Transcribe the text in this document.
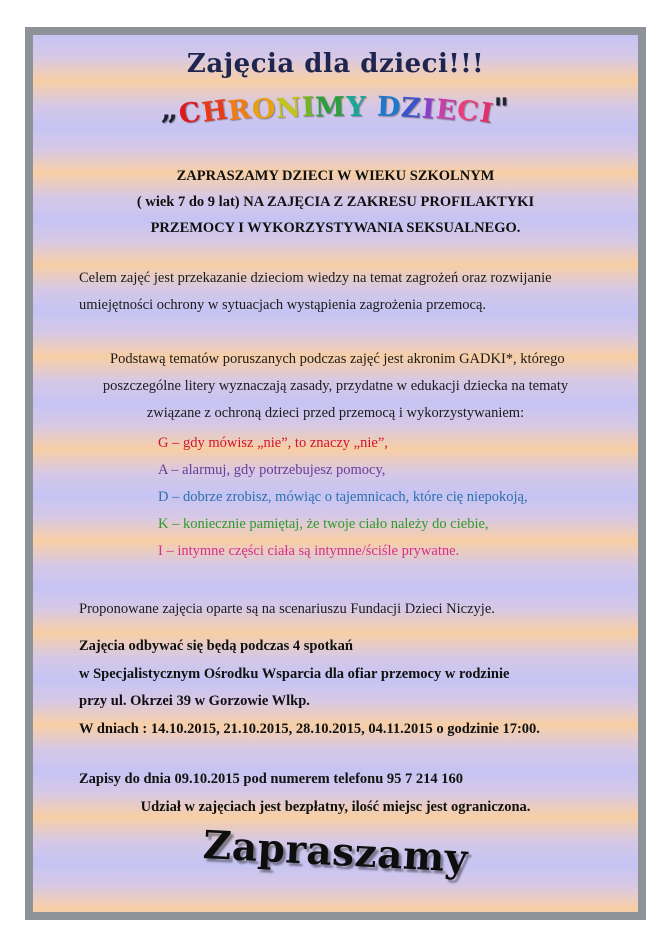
Zajęcia dla dzieci!!!
„CHRONIMY DZIECI"

ZAPRASZAMY DZIECI W WIEKU SZKOLNYM
( wiek 7 do 9 lat) NA ZAJĘCIA Z ZAKRESU PROFILAKTYKI
PRZEMOCY I WYKORZYSTYWANIA SEKSUALNEGO.

Celem zajęć jest przekazanie dzieciom wiedzy na temat zagrożeń oraz rozwijanie
umiejętności ochrony w sytuacjach wystąpienia zagrożenia przemocą.

Podstawą tematów poruszanych podczas zajęć jest akronim GADKI*, którego
poszczególne litery wyznaczają zasady, przydatne w edukacji dziecka na tematy
związane z ochroną dzieci przed przemocą i wykorzystywaniem:

G – gdy mówisz „nie”, to znaczy „nie”,
A – alarmuj, gdy potrzebujesz pomocy,
D – dobrze zrobisz, mówiąc o tajemnicach, które cię niepokoją,
K – koniecznie pamiętaj, że twoje ciało należy do ciebie,
I – intymne części ciała są intymne/ściśle prywatne.

Proponowane zajęcia oparte są na scenariuszu Fundacji Dzieci Niczyje.

Zajęcia odbywać się będą podczas 4 spotkań
w Specjalistycznym Ośrodku Wsparcia dla ofiar przemocy w rodzinie
przy ul. Okrzei 39 w Gorzowie Wlkp.
W dniach : 14.10.2015, 21.10.2015, 28.10.2015, 04.11.2015 o godzinie 17:00.

Zapisy do dnia 09.10.2015 pod numerem telefonu 95 7 214 160

Udział w zajęciach jest bezpłatny, ilość miejsc jest ograniczona.

Zapraszamy
